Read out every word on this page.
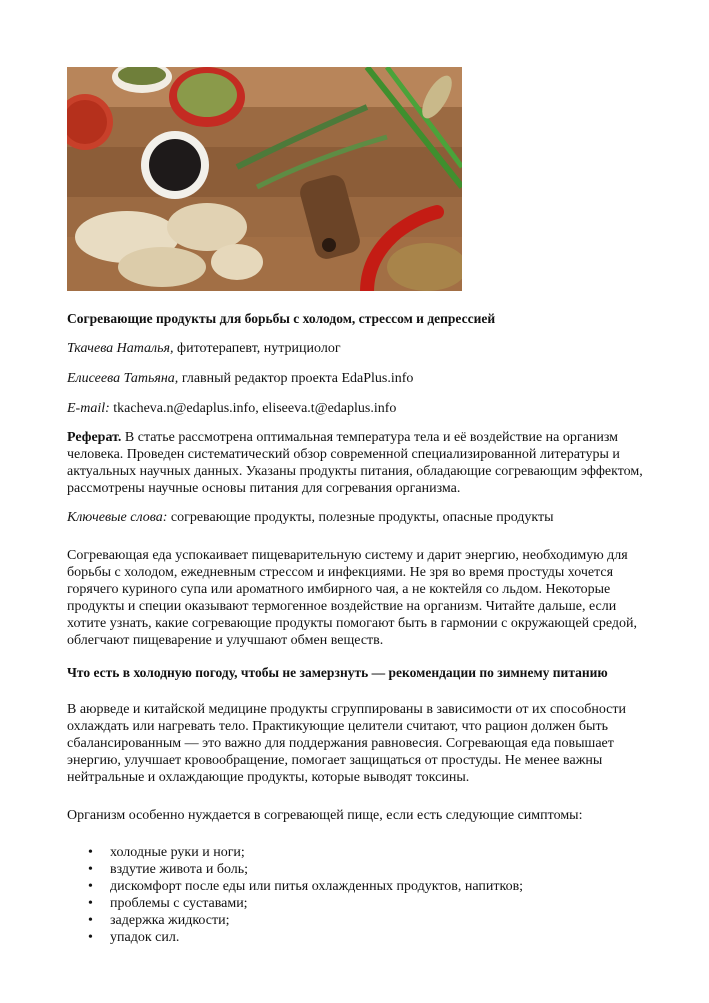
Согревающие продукты для борьбы с холодом, стрессом и депрессией

Ткачева Наталья, фитотерапевт, нутрициолог

Елисеева Татьяна, главный редактор проекта EdaPlus.info

E-mail: tkacheva.n@edaplus.info, eliseeva.t@edaplus.info

Реферат. В статье рассмотрена оптимальная температура тела и её воздействие на организм человека. Проведен систематический обзор современной специализированной литературы и актуальных научных данных. Указаны продукты питания, обладающие согревающим эффектом, рассмотрены научные основы питания для согревания организма.

Ключевые слова: согревающие продукты, полезные продукты, опасные продукты

Согревающая еда успокаивает пищеварительную систему и дарит энергию, необходимую для борьбы с холодом, ежедневным стрессом и инфекциями. Не зря во время простуды хочется горячего куриного супа или ароматного имбирного чая, а не коктейля со льдом. Некоторые продукты и специи оказывают термогенное воздействие на организм. Читайте дальше, если хотите узнать, какие согревающие продукты помогают быть в гармонии с окружающей средой, облегчают пищеварение и улучшают обмен веществ.

Что есть в холодную погоду, чтобы не замерзнуть — рекомендации по зимнему питанию

В аюрведе и китайской медицине продукты сгруппированы в зависимости от их способности охлаждать или нагревать тело. Практикующие целители считают, что рацион должен быть сбалансированным — это важно для поддержания равновесия. Согревающая еда повышает энергию, улучшает кровообращение, помогает защищаться от простуды. Не менее важны нейтральные и охлаждающие продукты, которые выводят токсины.

Организм особенно нуждается в согревающей пище, если есть следующие симптомы:

• холодные руки и ноги;
• вздутие живота и боль;
• дискомфорт после еды или питья охлажденных продуктов, напитков;
• проблемы с суставами;
• задержка жидкости;
• упадок сил.
